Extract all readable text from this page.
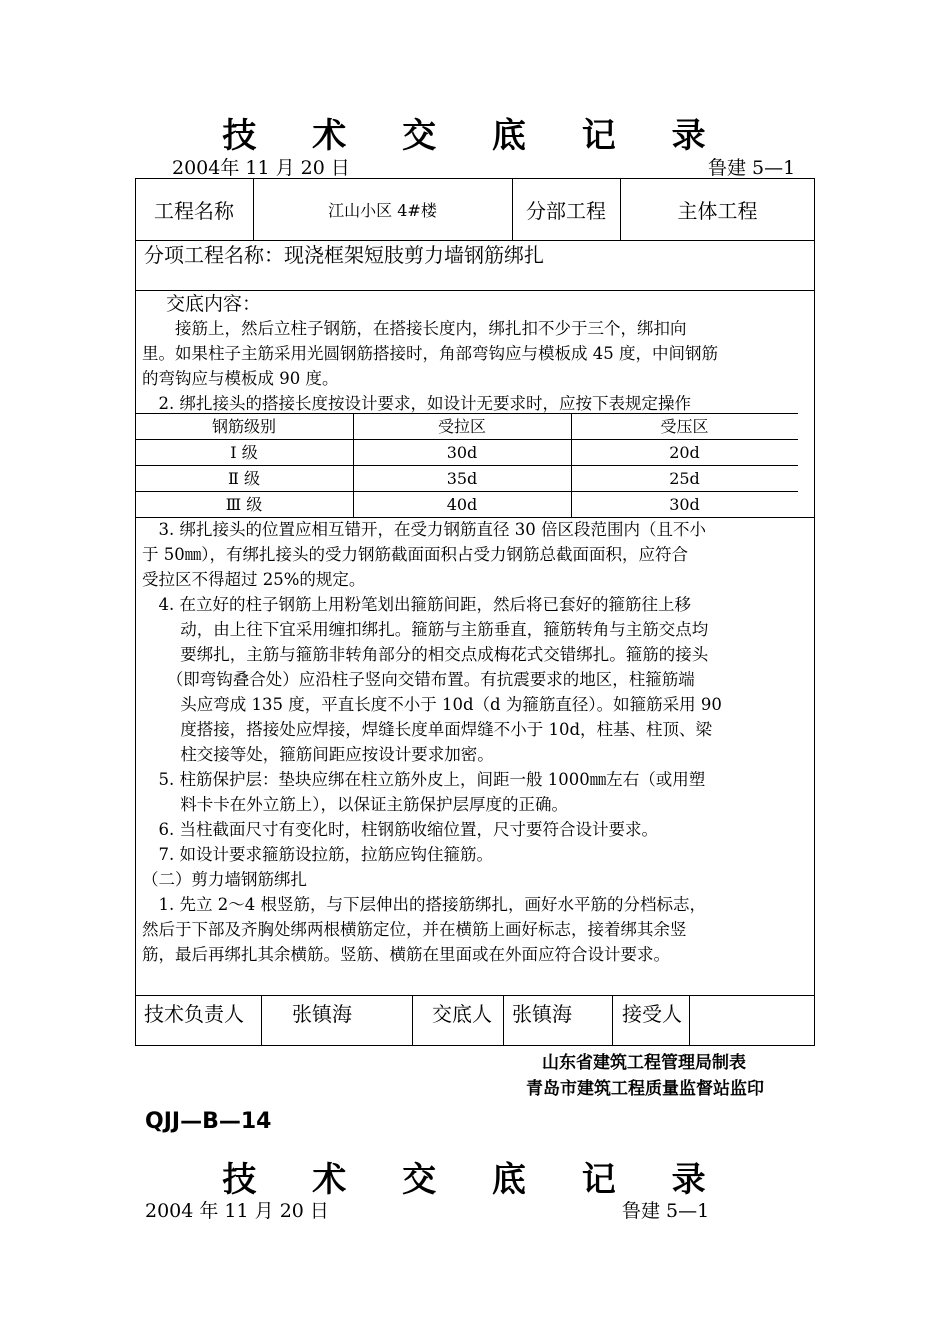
技 术 交 底 记 录
2004年 11 月 20 日	鲁建 5—1
工程名称	江山小区 4#楼	分部工程	主体工程
分项工程名称：现浇框架短肢剪力墙钢筋绑扎
交底内容：
　　接筋上，然后立柱子钢筋，在搭接长度内，绑扎扣不少于三个，绑扣向
里。如果柱子主筋采用光圆钢筋搭接时，角部弯钩应与模板成 45 度，中间钢筋
的弯钩应与模板成 90 度。
　2. 绑扎接头的搭接长度按设计要求，如设计无要求时，应按下表规定操作
钢筋级别	受拉区	受压区
Ⅰ 级	30d	20d
Ⅱ 级	35d	25d
Ⅲ 级	40d	30d
　3. 绑扎接头的位置应相互错开，在受力钢筋直径 30 倍区段范围内（且不小
于 50㎜），有绑扎接头的受力钢筋截面面积占受力钢筋总截面面积，应符合
受拉区不得超过 25%的规定。
　4. 在立好的柱子钢筋上用粉笔划出箍筋间距，然后将已套好的箍筋往上移
　　 动，由上往下宜采用缠扣绑扎。箍筋与主筋垂直，箍筋转角与主筋交点均
　　 要绑扎，主筋与箍筋非转角部分的相交点成梅花式交错绑扎。箍筋的接头
　　（即弯钩叠合处）应沿柱子竖向交错布置。有抗震要求的地区，柱箍筋端
　　 头应弯成 135 度，平直长度不小于 10d（d 为箍筋直径）。如箍筋采用 90
　　 度搭接，搭接处应焊接，焊缝长度单面焊缝不小于 10d，柱基、柱顶、梁
　　 柱交接等处，箍筋间距应按设计要求加密。
　5. 柱筋保护层：垫块应绑在柱立筋外皮上，间距一般 1000㎜左右（或用塑
　　 料卡卡在外立筋上），以保证主筋保护层厚度的正确。
　6. 当柱截面尺寸有变化时，柱钢筋收缩位置，尺寸要符合设计要求。
　7. 如设计要求箍筋设拉筋，拉筋应钩住箍筋。
（二）剪力墙钢筋绑扎
　1. 先立 2～4 根竖筋，与下层伸出的搭接筋绑扎，画好水平筋的分档标志，
然后于下部及齐胸处绑两根横筋定位，并在横筋上画好标志，接着绑其余竖
筋，最后再绑扎其余横筋。竖筋、横筋在里面或在外面应符合设计要求。
技术负责人 张镇海	交底人 张镇海	接受人
山东省建筑工程管理局制表
青岛市建筑工程质量监督站监印
QJJ—B—14
技 术 交 底 记 录
2004 年 11 月 20 日	鲁建 5—1
